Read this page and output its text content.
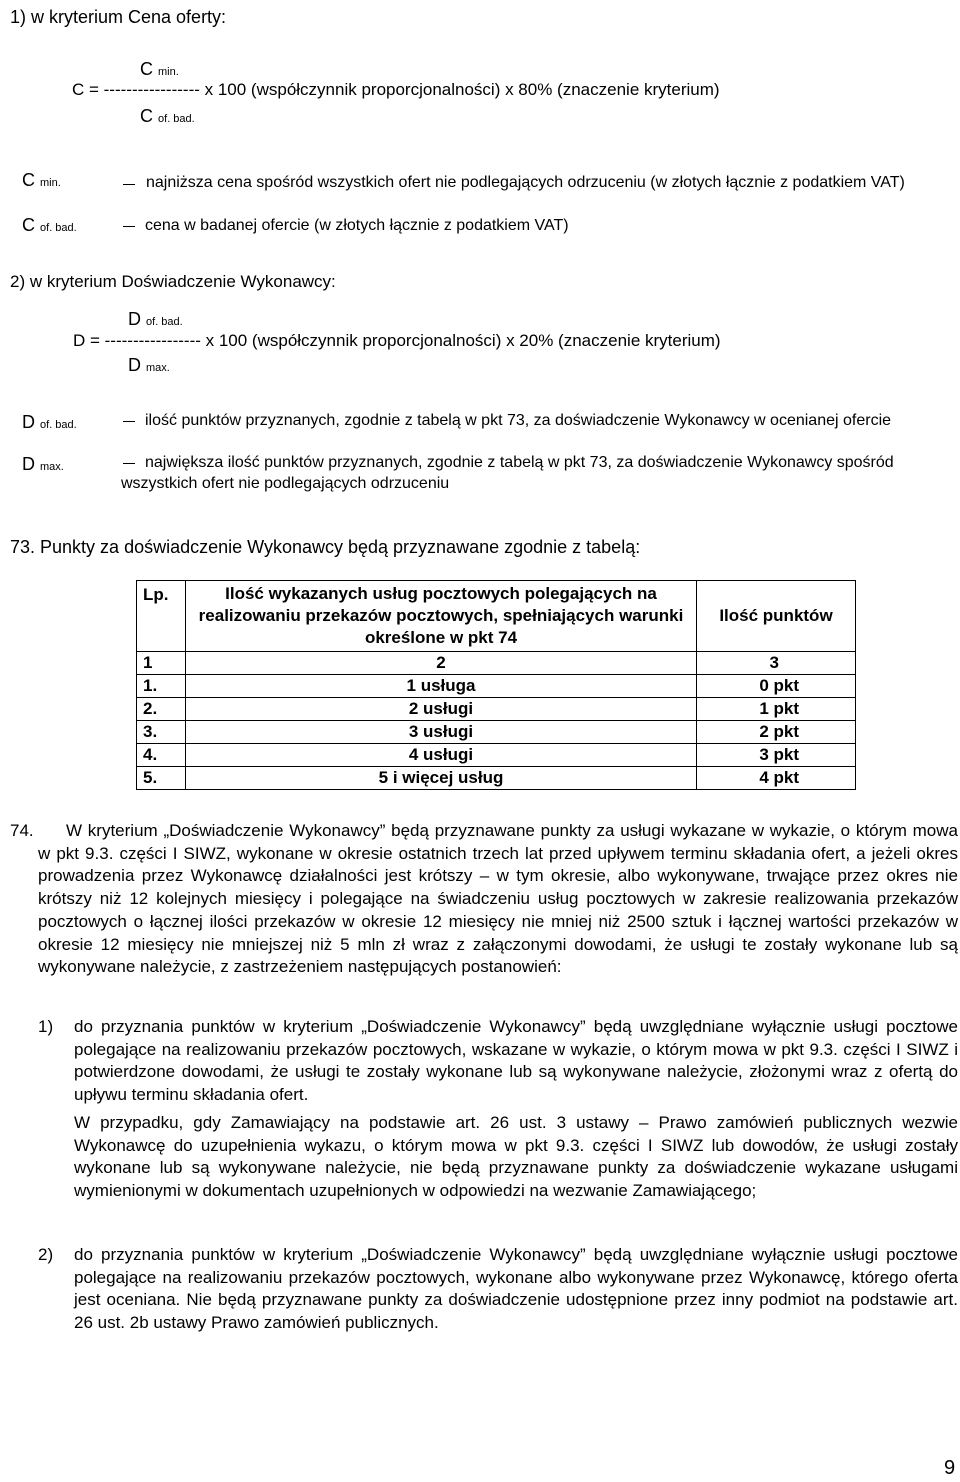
1) w kryterium Cena oferty:
C min.
C = ----------------- x 100 (współczynnik proporcjonalności) x 80% (znaczenie kryterium)
C of. bad.
C min.	najniższa cena spośród wszystkich ofert nie podlegających odrzuceniu (w złotych łącznie z podatkiem VAT)
C of. bad.	cena w badanej ofercie (w złotych łącznie z podatkiem VAT)
2) w kryterium Doświadczenie Wykonawcy:
D of. bad.
D = ----------------- x 100 (współczynnik proporcjonalności) x 20% (znaczenie kryterium)
D max.
D of. bad.	ilość punktów przyznanych, zgodnie z tabelą w pkt 73, za doświadczenie Wykonawcy w ocenianej ofercie
D max.	największa ilość punktów przyznanych, zgodnie z tabelą w pkt 73, za doświadczenie Wykonawcy spośród wszystkich ofert nie podlegających odrzuceniu
73. Punkty za doświadczenie Wykonawcy będą przyznawane zgodnie z tabelą:
Lp.	Ilość wykazanych usług pocztowych polegających na realizowaniu przekazów pocztowych, spełniających warunki określone w pkt 74	Ilość punktów
1	2	3
1.	1 usługa	0 pkt
2.	2 usługi	1 pkt
3.	3 usługi	2 pkt
4.	4 usługi	3 pkt
5.	5 i więcej usług	4 pkt
74.	W kryterium „Doświadczenie Wykonawcy” będą przyznawane punkty za usługi wykazane w wykazie, o którym mowa w pkt 9.3. części I SIWZ, wykonane w okresie ostatnich trzech lat przed upływem terminu składania ofert, a jeżeli okres prowadzenia przez Wykonawcę działalności jest krótszy – w tym okresie, albo wykonywane, trwające przez okres nie krótszy niż 12 kolejnych miesięcy i polegające na świadczeniu usług pocztowych w zakresie realizowania przekazów pocztowych o łącznej ilości przekazów w okresie 12 miesięcy nie mniej niż 2500 sztuk i łącznej wartości przekazów w okresie 12 miesięcy nie mniejszej niż 5 mln zł wraz z załączonymi dowodami, że usługi te zostały wykonane lub są wykonywane należycie, z zastrzeżeniem następujących postanowień:

1) do przyznania punktów w kryterium „Doświadczenie Wykonawcy” będą uwzględniane wyłącznie usługi pocztowe polegające na realizowaniu przekazów pocztowych, wskazane w wykazie, o którym mowa w pkt 9.3. części I SIWZ i potwierdzone dowodami, że usługi te zostały wykonane lub są wykonywane należycie, złożonymi wraz z ofertą do upływu terminu składania ofert.
W przypadku, gdy Zamawiający na podstawie art. 26 ust. 3 ustawy – Prawo zamówień publicznych wezwie Wykonawcę do uzupełnienia wykazu, o którym mowa w pkt 9.3. części I SIWZ lub dowodów, że usługi zostały wykonane lub są wykonywane należycie, nie będą przyznawane punkty za doświadczenie wykazane usługami wymienionymi w dokumentach uzupełnionych w odpowiedzi na wezwanie Zamawiającego;
2) do przyznania punktów w kryterium „Doświadczenie Wykonawcy” będą uwzględniane wyłącznie usługi pocztowe polegające na realizowaniu przekazów pocztowych, wykonane albo wykonywane przez Wykonawcę, którego oferta jest oceniana. Nie będą przyznawane punkty za doświadczenie udostępnione przez inny podmiot na podstawie art. 26 ust. 2b ustawy Prawo zamówień publicznych.
9
